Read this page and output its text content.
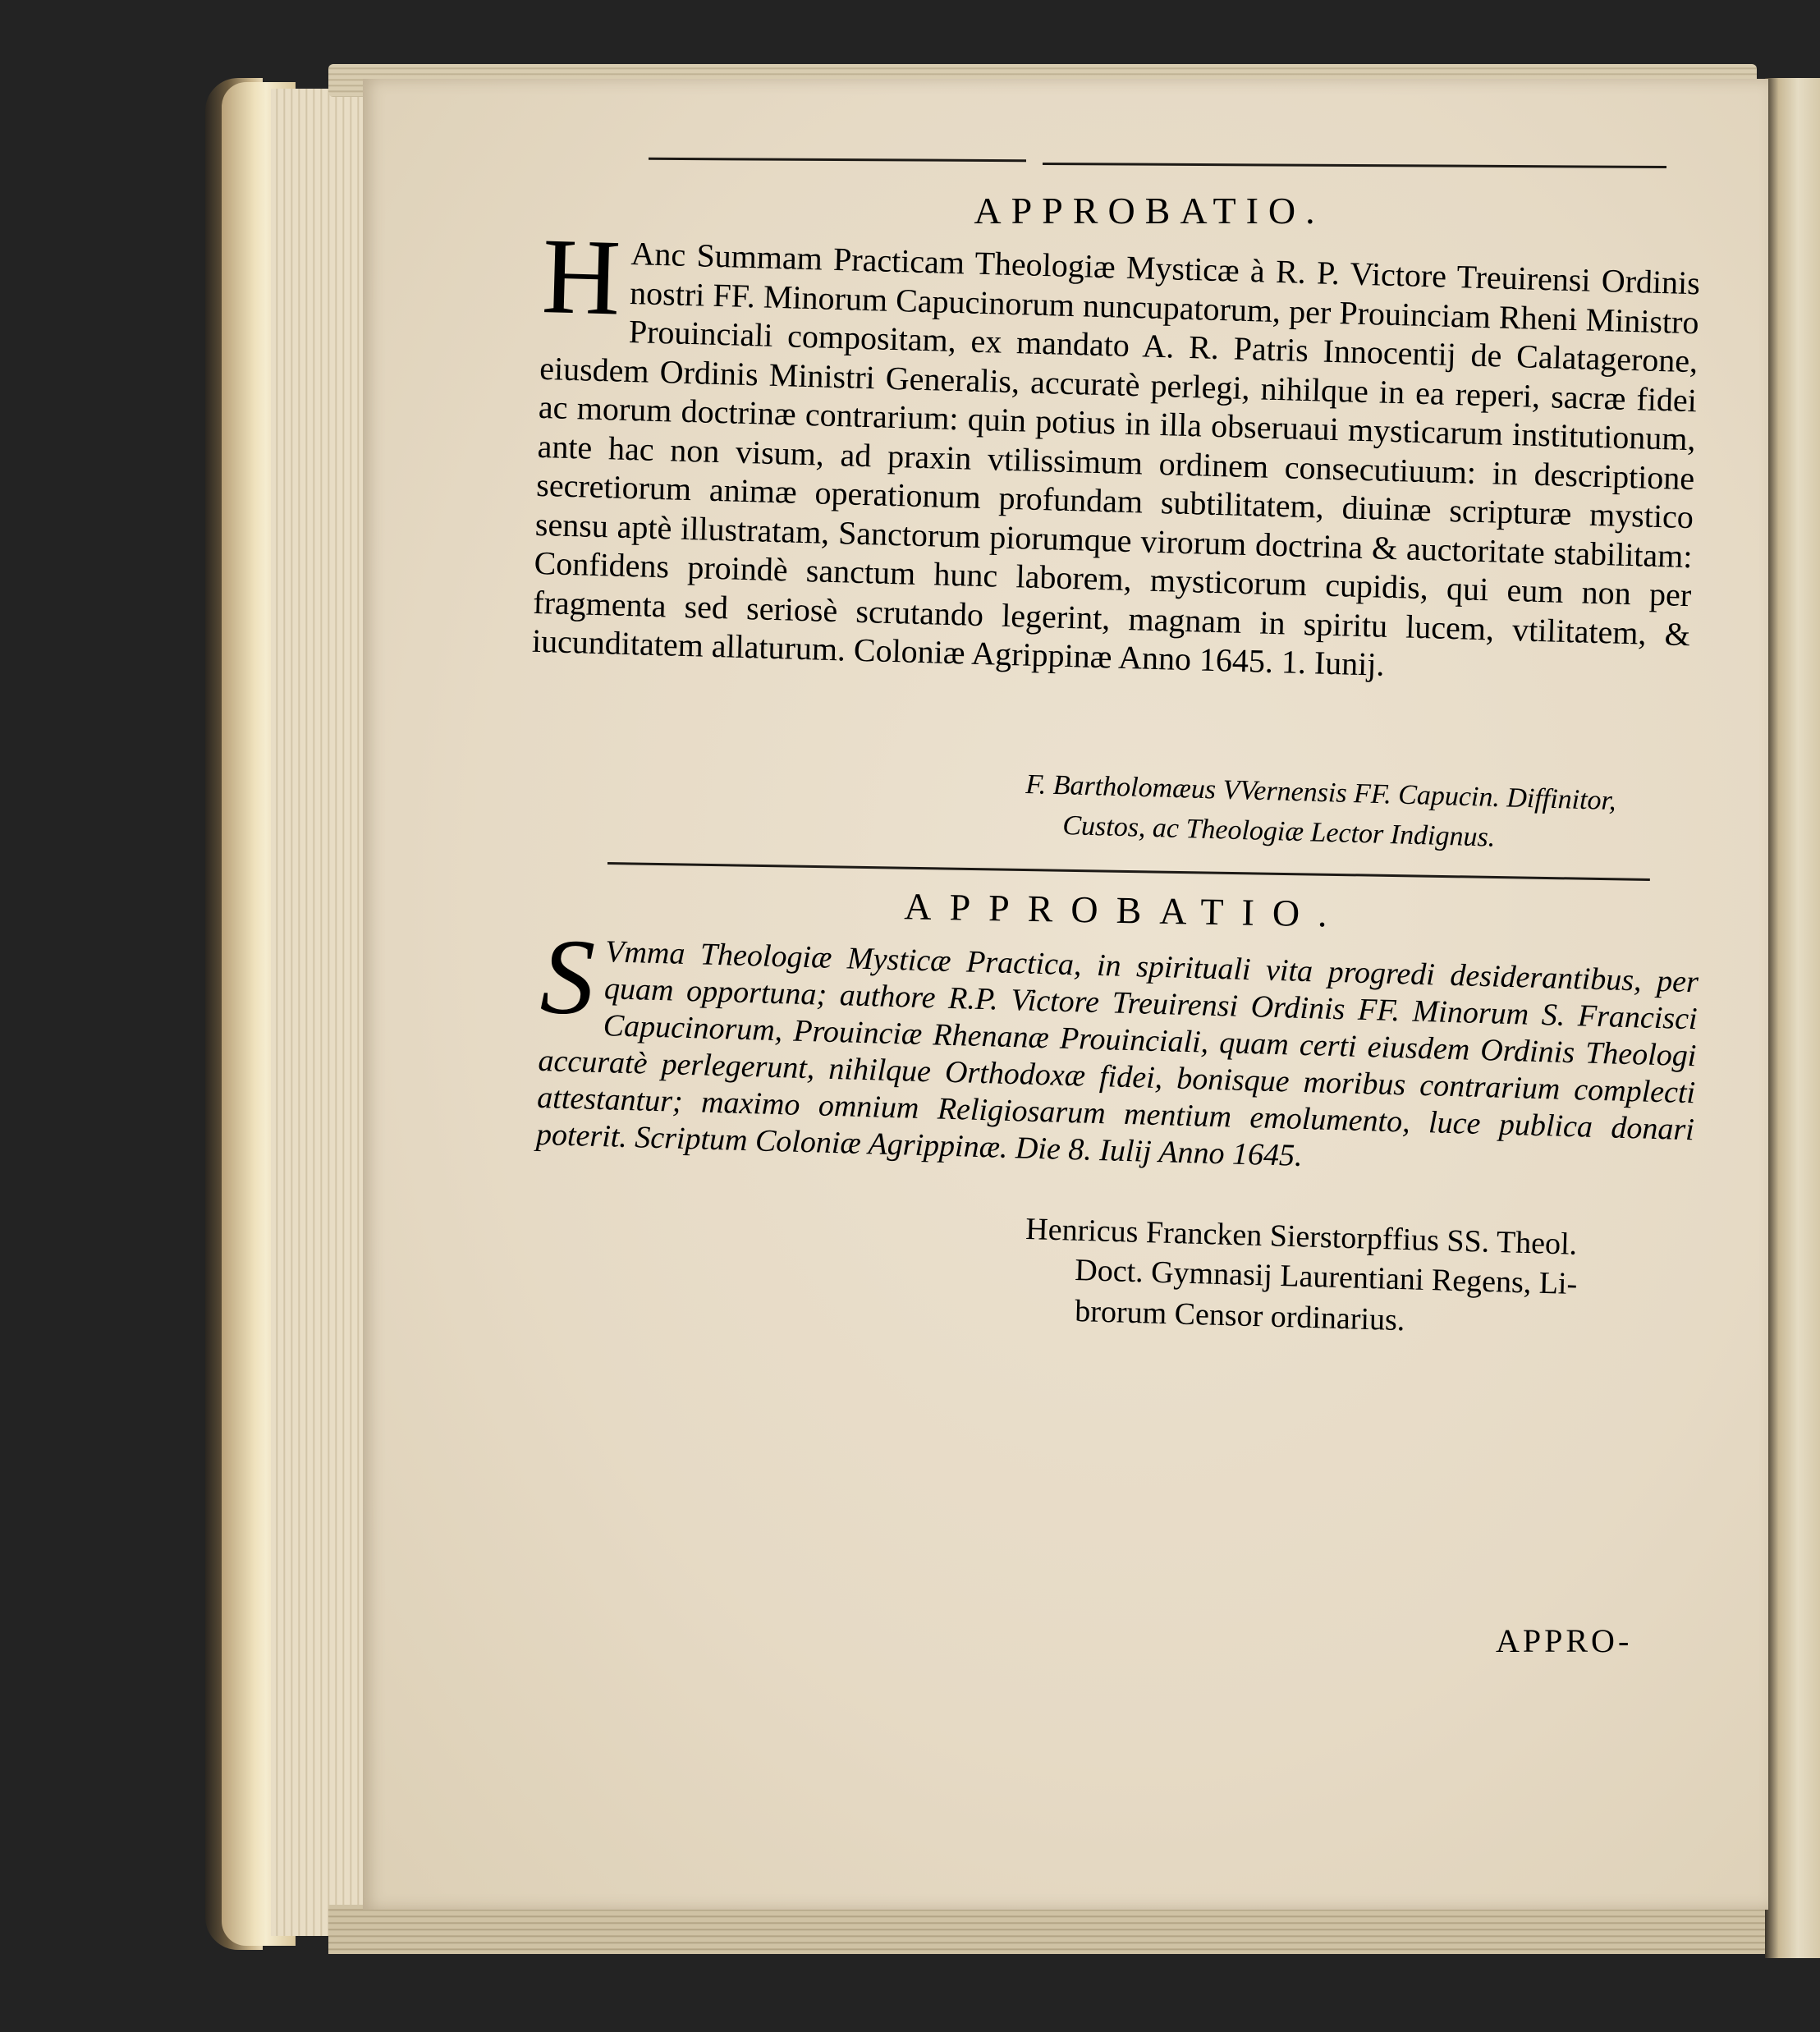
APPROBATIO.
H Anc Summam Practicam Theologiæ Mysticæ à R. P. Victore Treuirensi Ordinis nostri FF. Minorum Capucinorum nuncupatorum, per Prouinciam Rheni Ministro Prouinciali compositam, ex mandato A. R. Patris Innocentij de Calatagerone, eiusdem Ordinis Ministri Generalis, accuratè perlegi, nihilque in ea reperi, sacræ fidei ac morum doctrinæ contrarium: quin potius in illa obseruaui mysticarum institutionum, ante hac non visum, ad praxin vtilissimum ordinem consecutiuum: in descriptione secretiorum animæ operationum profundam subtilitatem, diuinæ scripturæ mystico sensu aptè illustratam, Sanctorum piorumque virorum doctrina & auctoritate stabilitam: Confidens proindè sanctum hunc laborem, mysticorum cupidis, qui eum non per fragmenta sed seriosè scrutando legerint, magnam in spiritu lucem, vtilitatem, & iucunditatem allaturum. Coloniæ Agrippinæ Anno 1645. 1. Iunij.
F. Bartholomæus VVernensis FF. Capucin. Diffinitor,
Custos, ac Theologiæ Lector Indignus.
APPROBATIO.
S Vmma Theologiæ Mysticæ Practica, in spirituali vita progredi desiderantibus, per quam opportuna; authore R.P. Victore Treuirensi Ordinis FF. Minorum S. Francisci Capucinorum, Prouinciæ Rhenanæ Prouinciali, quam certi eiusdem Ordinis Theologi accuratè perlegerunt, nihilque Orthodoxæ fidei, bonisque moribus contrarium complecti attestantur; maximo omnium Religiosarum mentium emolumento, luce publica donari poterit. Scriptum Coloniæ Agrippinæ. Die 8. Iulij Anno 1645.
Henricus Francken Sierstorpffius SS. Theol.
Doct. Gymnasij Laurentiani Regens, Li-
brorum Censor ordinarius.
APPRO-
